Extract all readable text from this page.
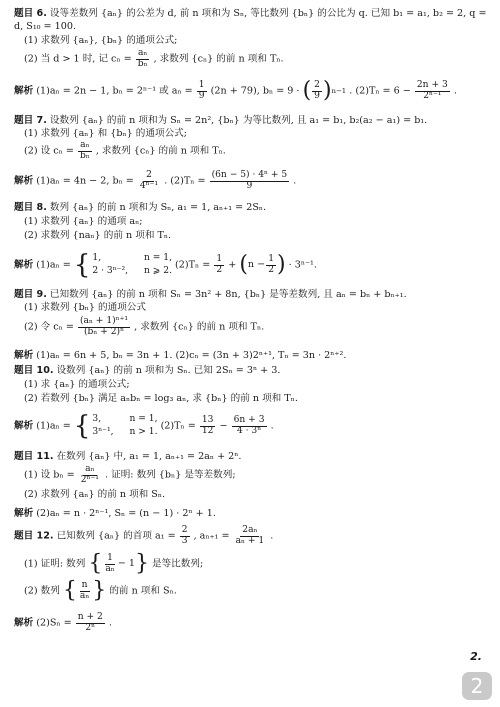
题目 6. 设等差数列 {aₙ} 的公差为 d, 前 n 项和为 Sₙ, 等比数列 {bₙ} 的公比为 q. 已知 b₁ = a₁, b₂ = 2, q =
d, S₁₀ = 100.
(1) 求数列 {aₙ}, {bₙ} 的通项公式;
(2) 当 d > 1 时, 记 $c_n = \frac{\text{aₙ}}{\text{bₙ}}$ , 求数列 {cₙ} 的前 n 项和 Tₙ.
解析 (1)aₙ = 2n − 1, bₙ = 2ⁿ⁻¹ 或 $a_n = \frac{1}{9} (2n + 79)$, bₙ = 9 · ( $\frac{2}{9}$ ) n−1 . $(2)T_n = 6 - \frac{2n + 3}{\text{2ⁿ⁻¹}}$ .
题目 7. 设数列 {aₙ} 的前 n 项和为 Sₙ = 2n², {bₙ} 为等比数列, 且 a₁ = b₁, b₂(a₂ − a₁) = b₁.
(1) 求数列 {aₙ} 和 {bₙ} 的通项公式;
(2) 设 $c_n = \frac{\text{aₙ}}{\text{bₙ}}$ , 求数列 {cₙ} 的前 n 项和 Tₙ.
解析 (1)aₙ = 4n − 2, $b_n = \frac{2}{\text{4ⁿ⁻¹}}$ . $(2)T_n = \frac{\text{(6n − 5) · 4ⁿ + 5}}{9}$ .
题目 8. 数列 {aₙ} 的前 n 项和为 Sₙ, a₁ = 1, aₙ₊₁ = 2Sₙ.
(1) 求数列 {aₙ} 的通项 aₙ;
(2) 求数列 {naₙ} 的前 n 项和 Tₙ.
解析 (1)aₙ = { 1,	n = 1,
2 · 3ⁿ⁻², n ⩾ 2. $(2)T_n = \frac{1}{2}$ + ( $n - \frac{1}{2}$ ) · 3ⁿ⁻¹.
题目 9. 已知数列 {aₙ} 的前 n 项和 Sₙ = 3n² + 8n, {bₙ} 是等差数列, 且 aₙ = bₙ + bₙ₊₁.
(1) 求数列 {bₙ} 的通项公式
(2) 令 $c_n = \frac{\text{(aₙ + 1)ⁿ⁺¹}}{\text{(bₙ + 2)ⁿ}}$ , 求数列 {cₙ} 的前 n 项和 Tₙ.
解析 (1)aₙ = 6n + 5, bₙ = 3n + 1. (2)cₙ = (3n + 3)2ⁿ⁺¹, Tₙ = 3n · 2ⁿ⁺².
题目 10. 设数列 {aₙ} 的前 n 项和为 Sₙ. 已知 2Sₙ = 3ⁿ + 3.
(1) 求 {aₙ} 的通项公式;
(2) 若数列 {bₙ} 满足 aₙbₙ = log₃ aₙ, 求 {bₙ} 的前 n 项和 Tₙ.
解析 (1)aₙ = { 3,	n = 1,
3ⁿ⁻¹, n > 1. $(2)T_n = \frac{13}{12} - \frac{6n + 3}{\text{4 · 3ⁿ}}$ .
题目 11. 在数列 {aₙ} 中, a₁ = 1, aₙ₊₁ = 2aₙ + 2ⁿ.
(1) 设 $b_n = \frac{\text{aₙ}}{\text{2ⁿ⁻¹}}$ . 证明: 数列 {bₙ} 是等差数列;
(2) 求数列 {aₙ} 的前 n 项和 Sₙ.
解析 (2)aₙ = n · 2ⁿ⁻¹, Sₙ = (n − 1) · 2ⁿ + 1.
题目 12. 已知数列 {aₙ} 的首项 $a_1 = \frac{2}{3}$ , $a_{n+1} = \frac{\text{2aₙ}}{\text{aₙ + 1}}$ .
(1) 证明: 数列 { $\frac{1}{\text{aₙ}} - 1$ } 是等比数列;
(2) 数列 { $\frac{n}{\text{aₙ}}$ } 的前 n 项和 Sₙ.
解析 $(2)S_n = \frac{n + 2}{\text{2ⁿ}}$ .
2.
2
